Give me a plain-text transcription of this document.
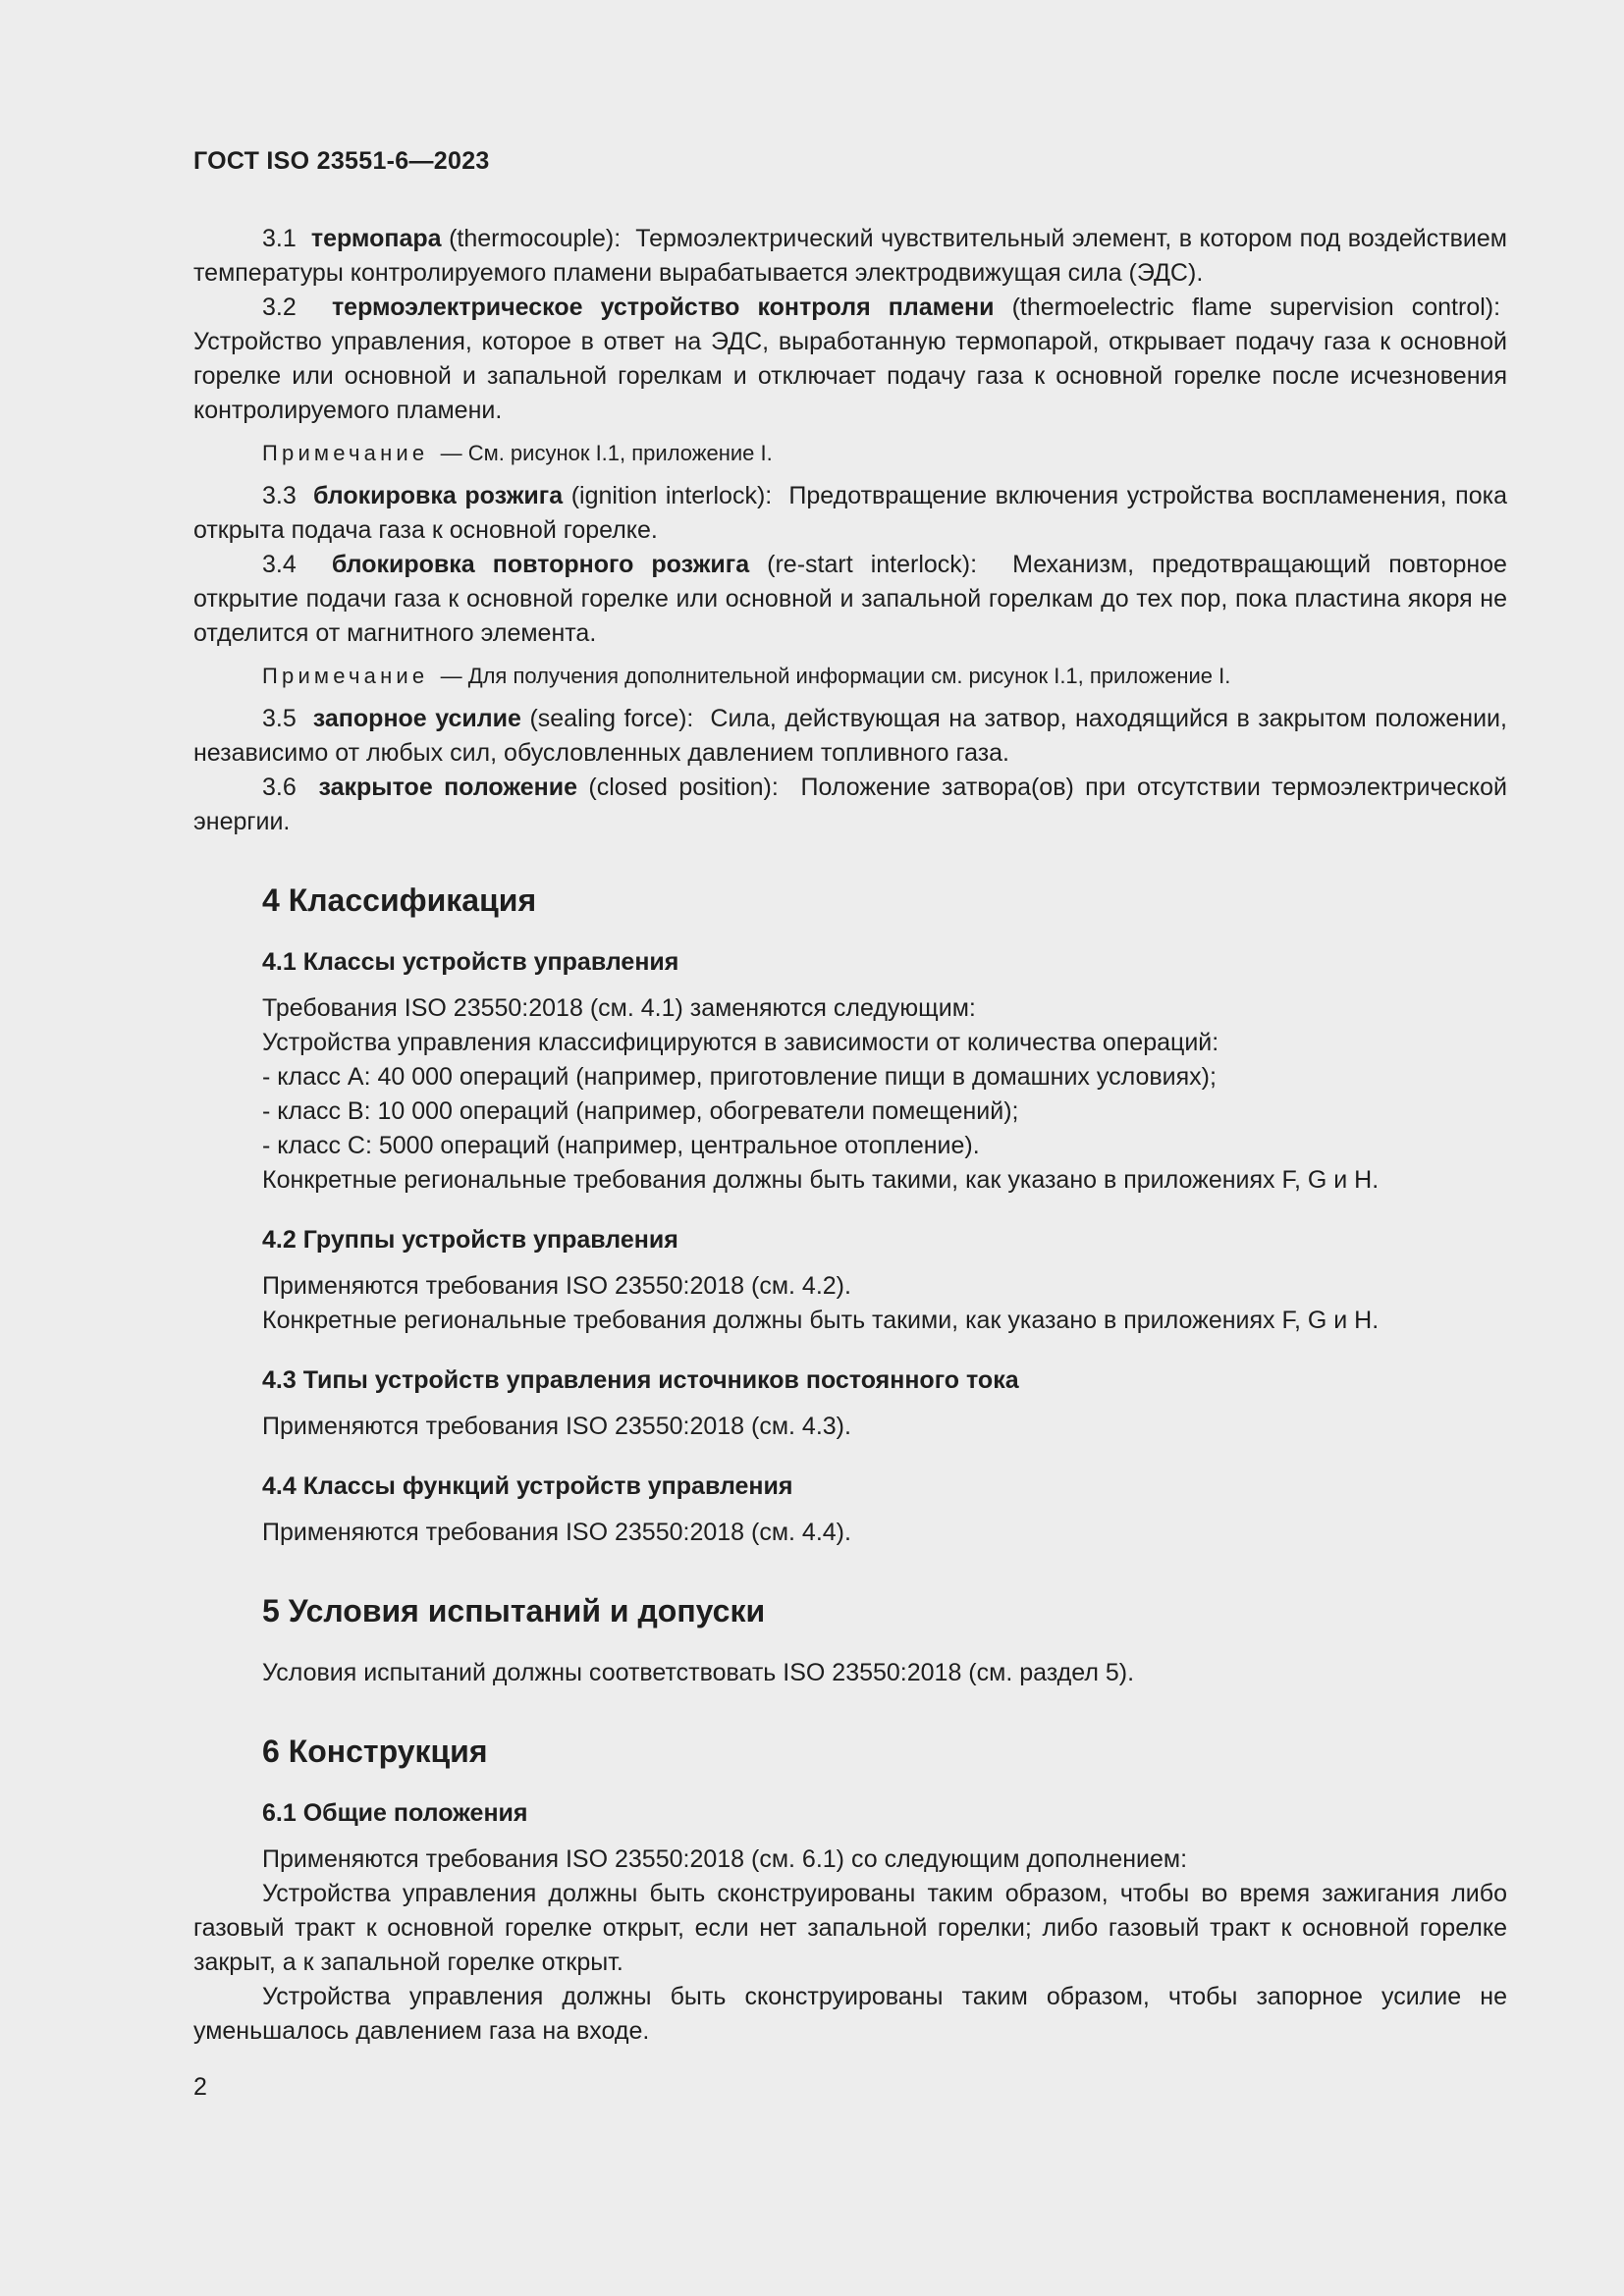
ГОСТ ISO 23551-6—2023

3.1 термопара (thermocouple): Термоэлектрический чувствительный элемент, в котором под воздействием температуры контролируемого пламени вырабатывается электродвижущая сила (ЭДС).

3.2 термоэлектрическое устройство контроля пламени (thermoelectric flame supervision control):  Устройство управления, которое в ответ на ЭДС, выработанную термопарой, открывает подачу газа к основной горелке или основной и запальной горелкам и отключает подачу газа к основной горелке после исчезновения контролируемого пламени.

Примечание — См. рисунок I.1, приложение I.

3.3 блокировка розжига (ignition interlock): Предотвращение включения устройства воспламенения, пока открыта подача газа к основной горелке.

3.4 блокировка повторного розжига (re-start interlock): Механизм, предотвращающий повторное открытие подачи газа к основной горелке или основной и запальной горелкам до тех пор, пока пластина якоря не отделится от магнитного элемента.

Примечание — Для получения дополнительной информации см. рисунок I.1, приложение I.

3.5 запорное усилие (sealing force): Сила, действующая на затвор, находящийся в закрытом положении, независимо от любых сил, обусловленных давлением топливного газа.

3.6 закрытое положение (closed position): Положение затвора(ов) при отсутствии термоэлектрической энергии.

4 Классификация
4.1 Классы устройств управления
Требования ISO 23550:2018 (см. 4.1) заменяются следующим:
Устройства управления классифицируются в зависимости от количества операций:
- класс А: 40 000 операций (например, приготовление пищи в домашних условиях);
- класс В: 10 000 операций (например, обогреватели помещений);
- класс С: 5000 операций (например, центральное отопление).
Конкретные региональные требования должны быть такими, как указано в приложениях F, G и Н.
4.2 Группы устройств управления
Применяются требования ISO 23550:2018 (см. 4.2).
Конкретные региональные требования должны быть такими, как указано в приложениях F, G и Н.
4.3 Типы устройств управления источников постоянного тока
Применяются требования ISO 23550:2018 (см. 4.3).
4.4 Классы функций устройств управления
Применяются требования ISO 23550:2018 (см. 4.4).
5 Условия испытаний и допуски
Условия испытаний должны соответствовать ISO 23550:2018 (см. раздел 5).
6 Конструкция
6.1 Общие положения

Применяются требования ISO 23550:2018 (см. 6.1) со следующим дополнением:

Устройства управления должны быть сконструированы таким образом, чтобы во время зажигания либо газовый тракт к основной горелке открыт, если нет запальной горелки; либо газовый тракт к основной горелке закрыт, а к запальной горелке открыт.

Устройства управления должны быть сконструированы таким образом, чтобы запорное усилие не уменьшалось давлением газа на входе.

2
